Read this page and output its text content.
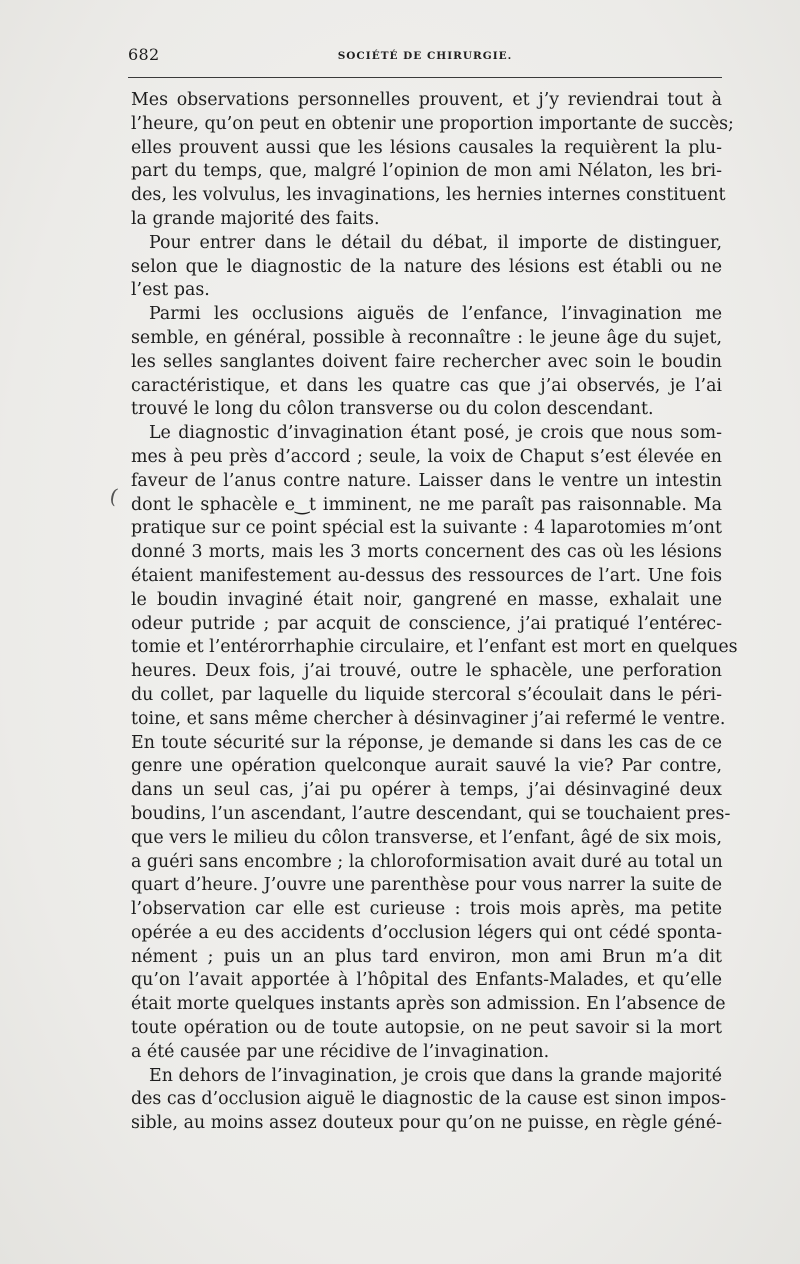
682	SOCIÉTÉ DE CHIRURGIE.
(
Mes observations personnelles prouvent, et j’y reviendrai tout à
l’heure, qu’on peut en obtenir une proportion importante de succès;
elles prouvent aussi que les lésions causales la requièrent la plu-
part du temps, que, malgré l’opinion de mon ami Nélaton, les bri-
des, les volvulus, les invaginations, les hernies internes constituent
la grande majorité des faits.
Pour entrer dans le détail du débat, il importe de distinguer,
selon que le diagnostic de la nature des lésions est établi ou ne
l’est pas.
Parmi les occlusions aiguës de l’enfance, l’invagination me
semble, en général, possible à reconnaître : le jeune âge du sujet,
les selles sanglantes doivent faire rechercher avec soin le boudin
caractéristique, et dans les quatre cas que j’ai observés, je l’ai
trouvé le long du côlon transverse ou du colon descendant.
Le diagnostic d’invagination étant posé, je crois que nous som-
mes à peu près d’accord ; seule, la voix de Chaput s’est élevée en
faveur de l’anus contre nature. Laisser dans le ventre un intestin
dont le sphacèle e‿t imminent, ne me paraît pas raisonnable. Ma
pratique sur ce point spécial est la suivante : 4 laparotomies m’ont
donné 3 morts, mais les 3 morts concernent des cas où les lésions
étaient manifestement au-dessus des ressources de l’art. Une fois
le boudin invaginé était noir, gangrené en masse, exhalait une
odeur putride ; par acquit de conscience, j’ai pratiqué l’entérec-
tomie et l’entérorrhaphie circulaire, et l’enfant est mort en quelques
heures. Deux fois, j’ai trouvé, outre le sphacèle, une perforation
du collet, par laquelle du liquide stercoral s’écoulait dans le péri-
toine, et sans même chercher à désinvaginer j’ai refermé le ventre.
En toute sécurité sur la réponse, je demande si dans les cas de ce
genre une opération quelconque aurait sauvé la vie? Par contre,
dans un seul cas, j’ai pu opérer à temps, j’ai désinvaginé deux
boudins, l’un ascendant, l’autre descendant, qui se touchaient pres-
que vers le milieu du côlon transverse, et l’enfant, âgé de six mois,
a guéri sans encombre ; la chloroformisation avait duré au total un
quart d’heure. J’ouvre une parenthèse pour vous narrer la suite de
l’observation car elle est curieuse : trois mois après, ma petite
opérée a eu des accidents d’occlusion légers qui ont cédé sponta-
nément ; puis un an plus tard environ, mon ami Brun m’a dit
qu’on l’avait apportée à l’hôpital des Enfants-Malades, et qu’elle
était morte quelques instants après son admission. En l’absence de
toute opération ou de toute autopsie, on ne peut savoir si la mort
a été causée par une récidive de l’invagination.
En dehors de l’invagination, je crois que dans la grande majorité
des cas d’occlusion aiguë le diagnostic de la cause est sinon impos-
sible, au moins assez douteux pour qu’on ne puisse, en règle géné-
